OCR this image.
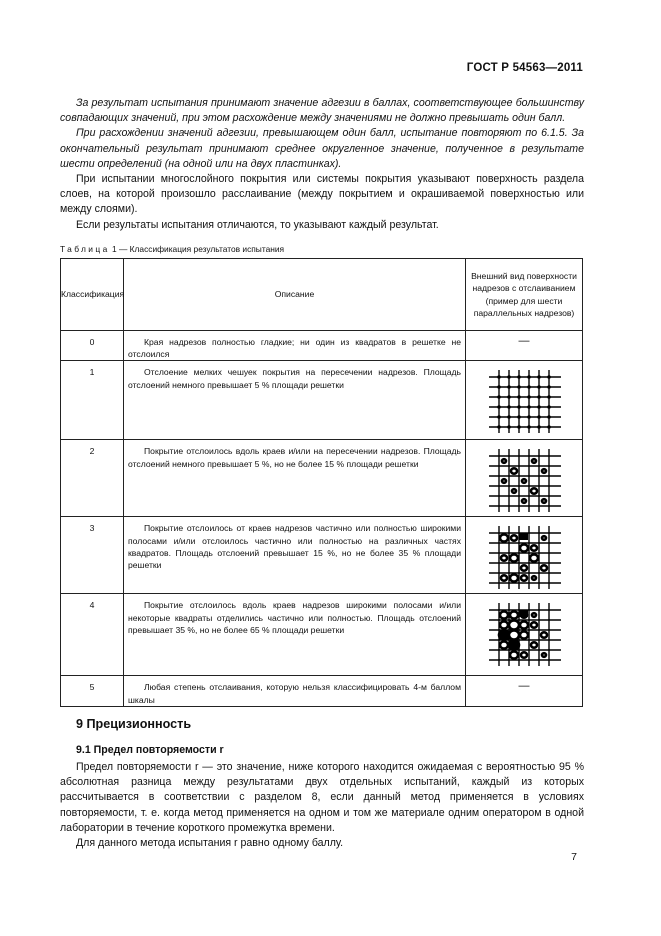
ГОСТ Р 54563—2011

За результат испытания принимают значение адгезии в баллах, соответствующее большинству совпадающих значений, при этом расхождение между значениями не должно превышать один балл.

При расхождении значений адгезии, превышающем один балл, испытание повторяют по 6.1.5. За окончательный результат принимают среднее округленное значение, полученное в результате шести определений (на одной или на двух пластинках).

При испытании многослойного покрытия или системы покрытия указывают поверхность раздела слоев, на которой произошло расслаивание (между покрытием и окрашиваемой поверхностью или между слоями).

Если результаты испытания отличаются, то указывают каждый результат.

Таблица 1 — Классификация результатов испытания
Классификация	Описание	Внешний вид поверхности надрезов с отслаиванием (пример для шести параллельных надрезов)
0	Края надрезов полностью гладкие; ни один из квадратов в решетке не отслоился	—

1	Отслоение мелких чешуек покрытия на пересечении надрезов. Площадь отслоений немного превышает 5 % площади решетки

2	Покрытие отслоилось вдоль краев и/или на пересечении надрезов. Площадь отслоений немного превышает 5 %, но не более 15 % площади решетки

3	Покрытие отслоилось от краев надрезов частично или полностью широкими полосами и/или отслоилось частично или полностью на различных частях квадратов. Площадь отслоений превышает 15 %, но не более 35 % площади решетки

4	Покрытие отслоилось вдоль краев надрезов широкими полосами и/или некоторые квадраты отделились частично или полностью. Площадь отслоений превышает 35 %, но не более 65 % площади решетки

5	Любая степень отслаивания, которую нельзя классифицировать 4-м баллом шкалы	—
9 Прецизионность
9.1 Предел повторяемости r

Предел повторяемости r — это значение, ниже которого находится ожидаемая с вероятностью 95 % абсолютная разница между результатами двух отдельных испытаний, каждый из которых рассчитывается в соответствии с разделом 8, если данный метод применяется в условиях повторяемости, т. е. когда метод применяется на одном и том же материале одним оператором в одной лаборатории в течение короткого промежутка времени.

Для данного метода испытания r равно одному баллу.

7
